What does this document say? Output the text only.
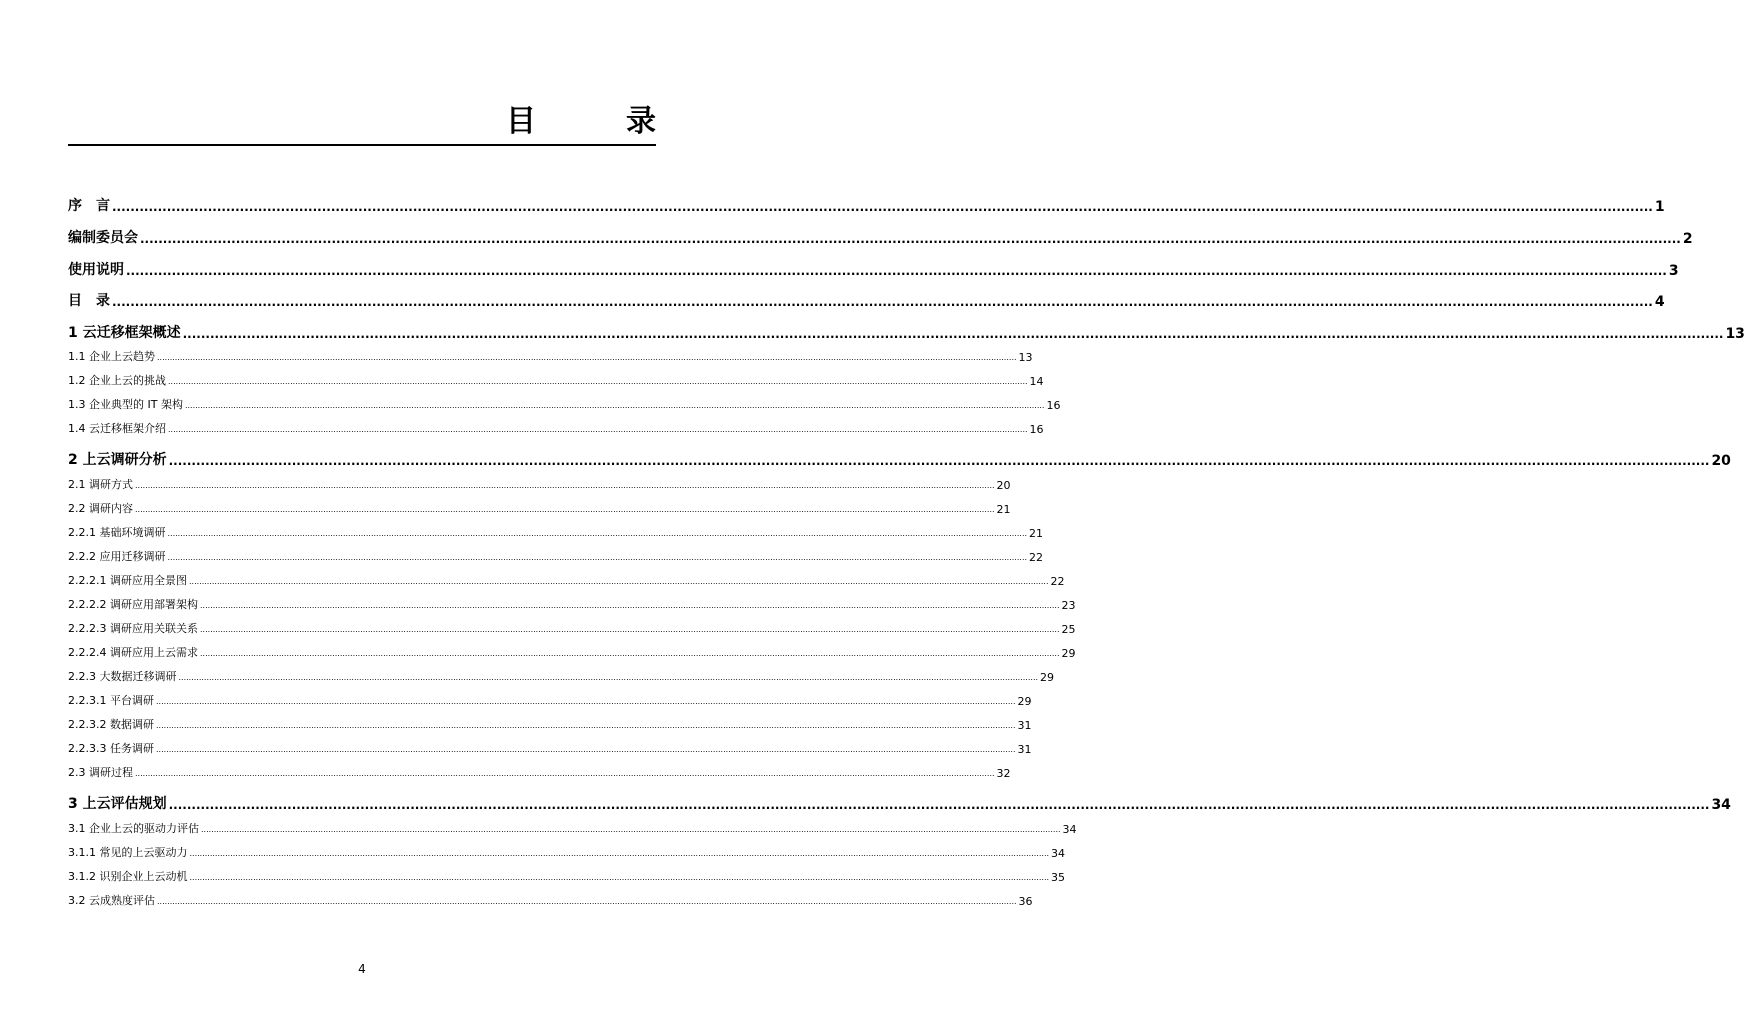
目　录
序　言 .................................................................................................................................................................................................................................................................................................................................................. 1
编制委员会 .................................................................................................................................................................................................................................................................................................................................................. 2
使用说明 .................................................................................................................................................................................................................................................................................................................................................. 3
目　录 .................................................................................................................................................................................................................................................................................................................................................. 4
1 云迁移框架概述 .................................................................................................................................................................................................................................................................................................................................................. 13
1.1 企业上云趋势 .................................................................................................................................................................................................................................................................................................................................................. 13
1.2 企业上云的挑战 .................................................................................................................................................................................................................................................................................................................................................. 14
1.3 企业典型的 IT 架构 .................................................................................................................................................................................................................................................................................................................................................. 16
1.4 云迁移框架介绍 .................................................................................................................................................................................................................................................................................................................................................. 16
2 上云调研分析 .................................................................................................................................................................................................................................................................................................................................................. 20
2.1 调研方式 .................................................................................................................................................................................................................................................................................................................................................. 20
2.2 调研内容 .................................................................................................................................................................................................................................................................................................................................................. 21
2.2.1 基础环境调研 .................................................................................................................................................................................................................................................................................................................................................. 21
2.2.2 应用迁移调研 .................................................................................................................................................................................................................................................................................................................................................. 22
2.2.2.1 调研应用全景图 .................................................................................................................................................................................................................................................................................................................................................. 22
2.2.2.2 调研应用部署架构 .................................................................................................................................................................................................................................................................................................................................................. 23
2.2.2.3 调研应用关联关系 .................................................................................................................................................................................................................................................................................................................................................. 25
2.2.2.4 调研应用上云需求 .................................................................................................................................................................................................................................................................................................................................................. 29
2.2.3 大数据迁移调研 .................................................................................................................................................................................................................................................................................................................................................. 29
2.2.3.1 平台调研 .................................................................................................................................................................................................................................................................................................................................................. 29
2.2.3.2 数据调研 .................................................................................................................................................................................................................................................................................................................................................. 31
2.2.3.3 任务调研 .................................................................................................................................................................................................................................................................................................................................................. 31
2.3 调研过程 .................................................................................................................................................................................................................................................................................................................................................. 32
3 上云评估规划 .................................................................................................................................................................................................................................................................................................................................................. 34
3.1 企业上云的驱动力评估 .................................................................................................................................................................................................................................................................................................................................................. 34
3.1.1 常见的上云驱动力 .................................................................................................................................................................................................................................................................................................................................................. 34
3.1.2 识别企业上云动机 .................................................................................................................................................................................................................................................................................................................................................. 35
3.2 云成熟度评估 .................................................................................................................................................................................................................................................................................................................................................. 36
4
